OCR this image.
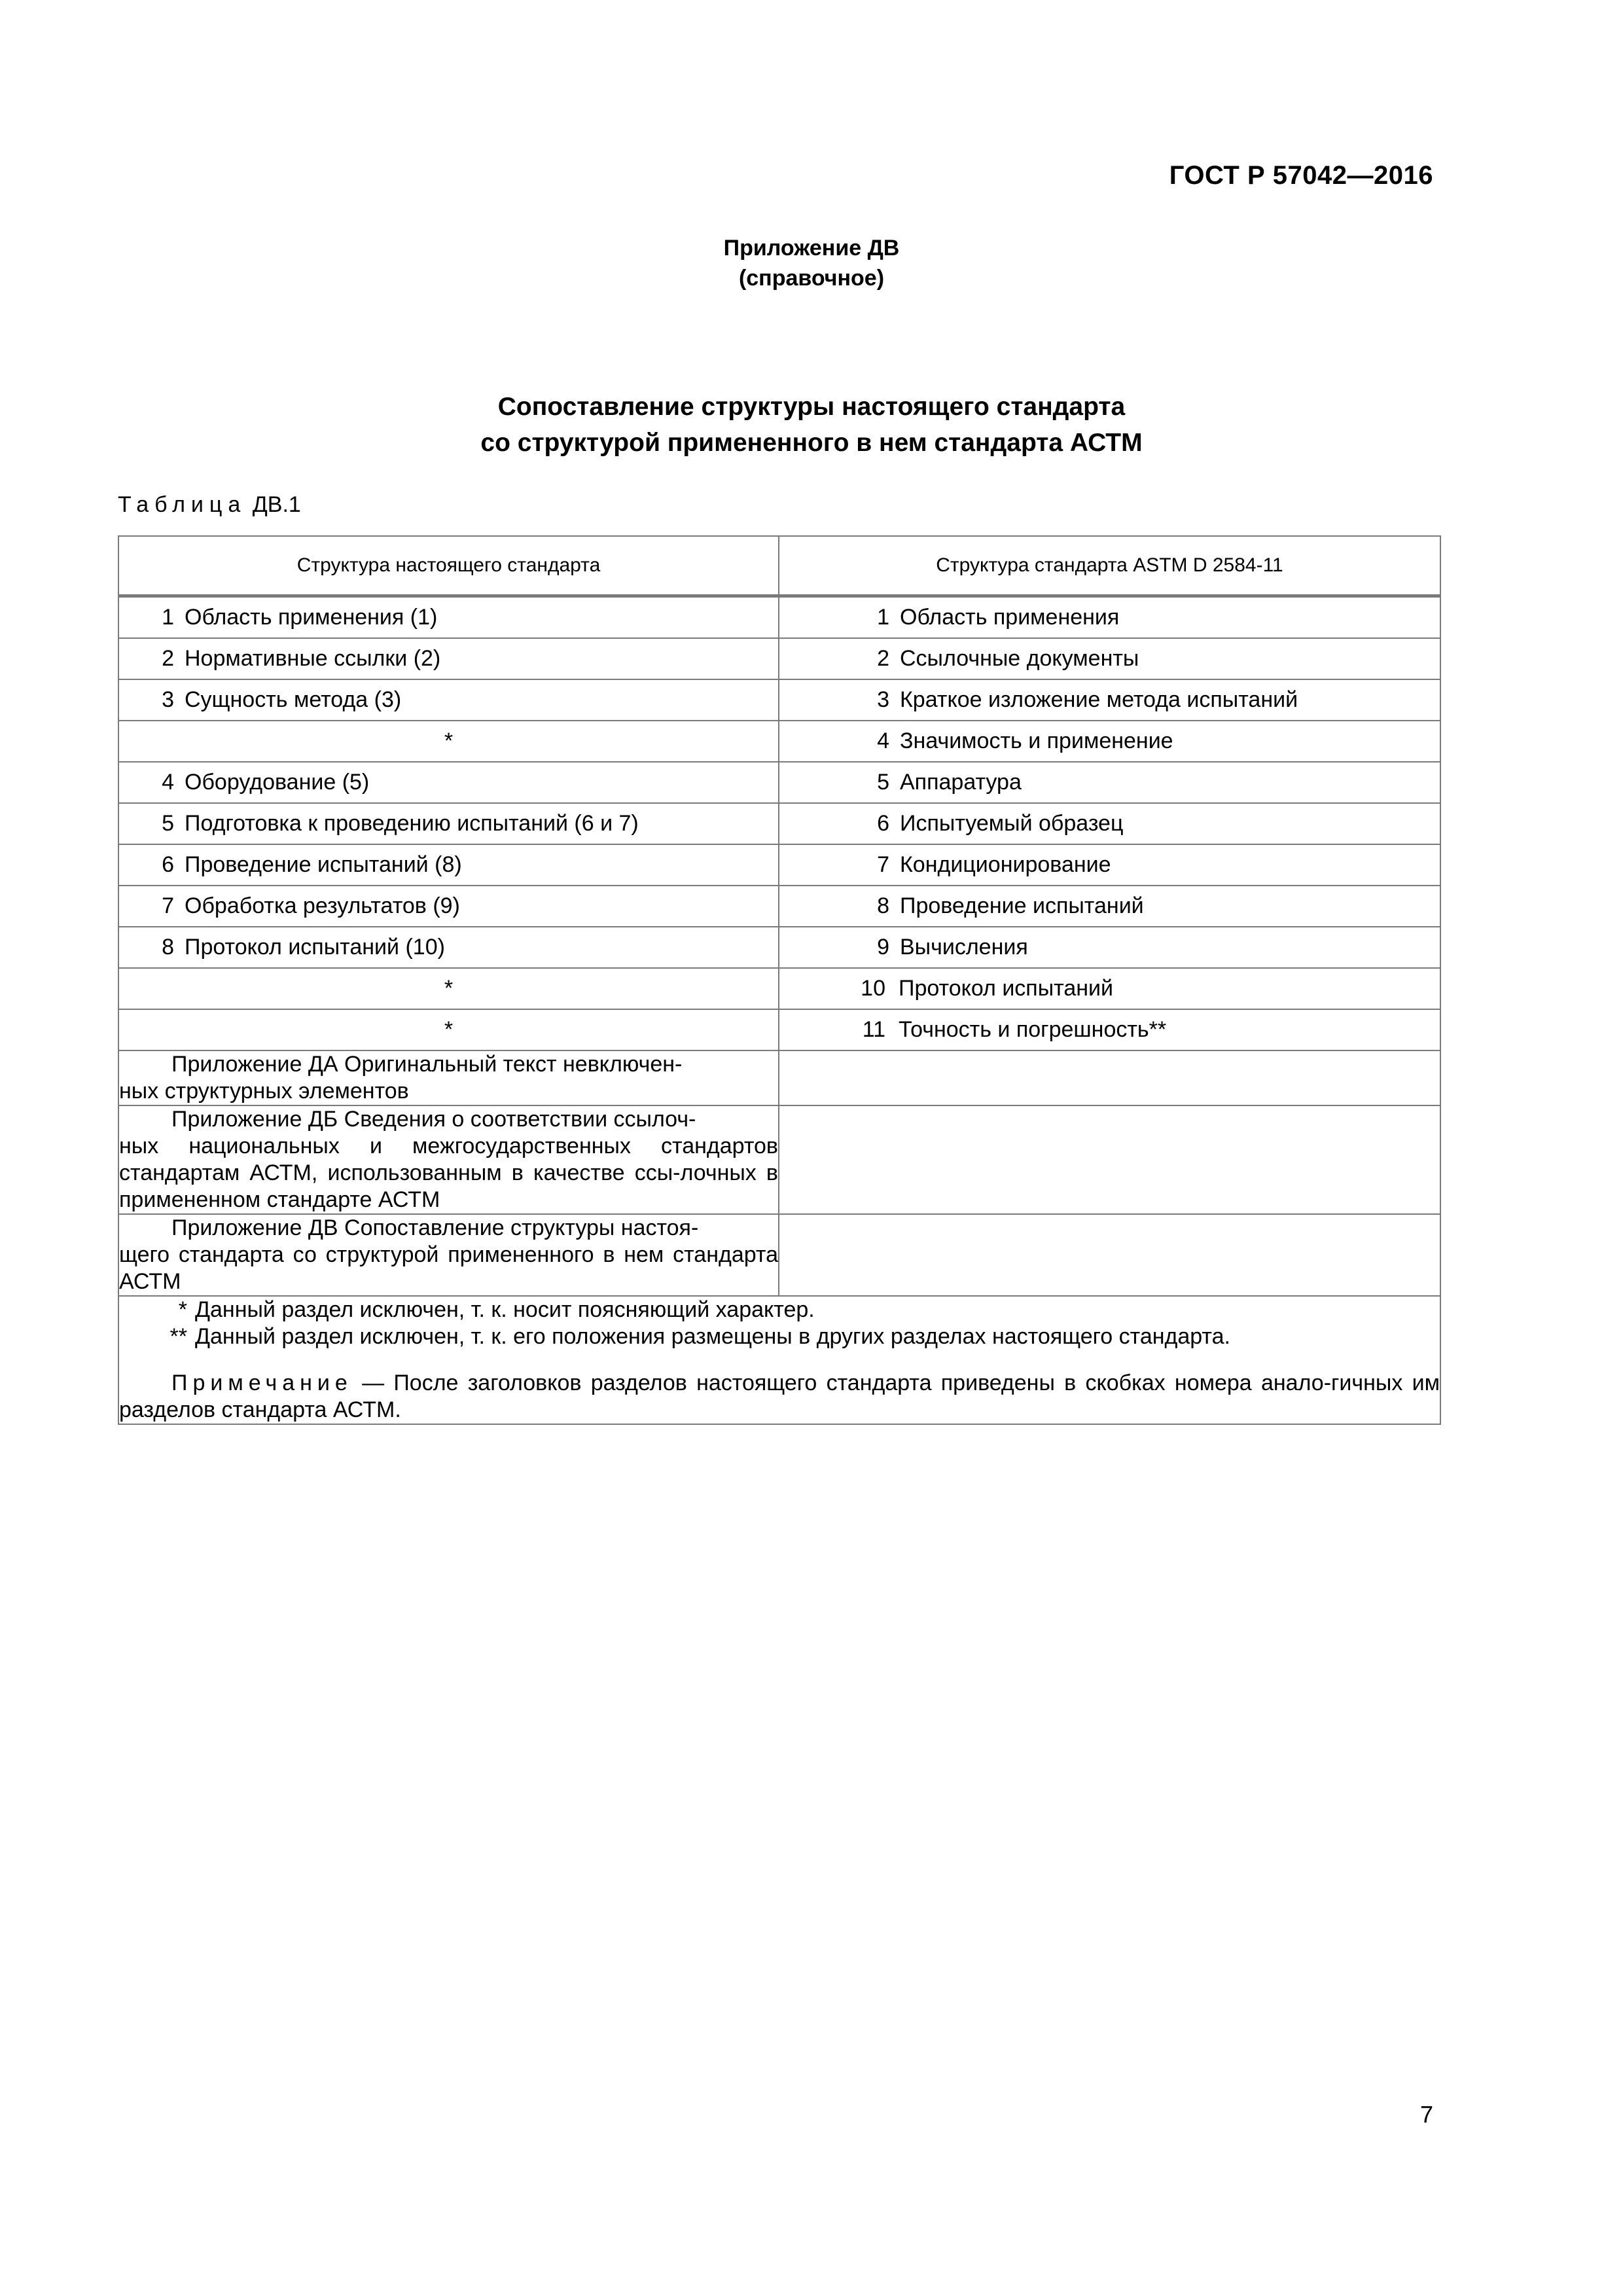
ГОСТ Р 57042—2016
Приложение ДВ
(справочное)
Сопоставление структуры настоящего стандарта
со структурой примененного в нем стандарта АСТМ
Таблица ДВ.1
Структура настоящего стандарта	Структура стандарта ASTM D 2584-11
1 Область применения (1)	1 Область применения
2 Нормативные ссылки (2)	2 Ссылочные документы
3 Сущность метода (3)	3 Краткое изложение метода испытаний
*	4 Значимость и применение
4 Оборудование (5)	5 Аппаратура
5 Подготовка к проведению испытаний (6 и 7)	6 Испытуемый образец
6 Проведение испытаний (8)	7 Кондиционирование
7 Обработка результатов (9)	8 Проведение испытаний
8 Протокол испытаний (10)	9 Вычисления
*	10 Протокол испытаний
*	11 Точность и погрешность**

Приложение ДА Оригинальный текст невключен-
ных структурных элементов	

Приложение ДБ Сведения о соответствии ссылоч-
ных национальных и межгосударственных стандартов стандартам АСТМ, использованным в качестве ссы-лочных в примененном стандарте АСТМ	

Приложение ДВ Сопоставление структуры настоя-
щего стандарта со структурой примененного в нем стандарта АСТМ	

* Данный раздел исключен, т. к. носит поясняющий характер.
** Данный раздел исключен, т. к. его положения размещены в других разделах настоящего стандарта.
Примечание — После заголовков разделов настоящего стандарта приведены в скобках номера анало-гичных им разделов стандарта АСТМ.	
7
